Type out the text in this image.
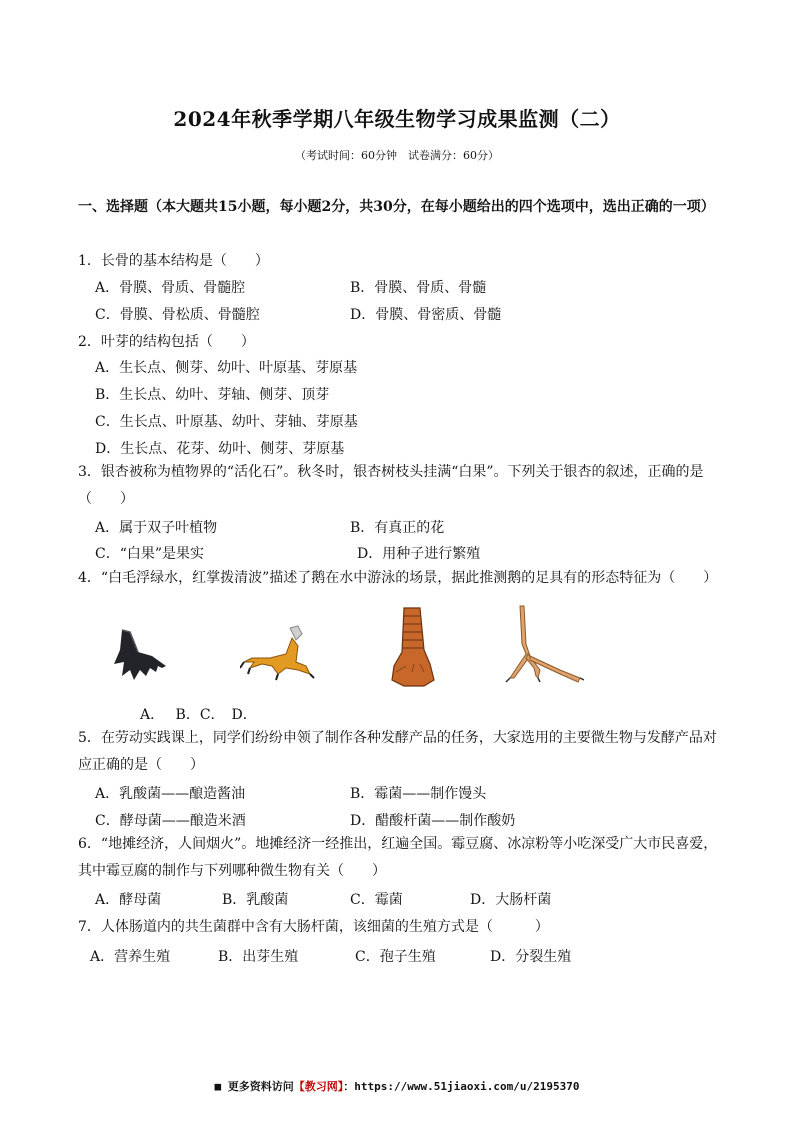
2024年秋季学期八年级生物学习成果监测（二）
（考试时间：60分钟　试卷满分：60分）
一、选择题（本大题共15小题，每小题2分，共30分，在每小题给出的四个选项中，选出正确的一项）
1．长骨的基本结构是（　　）
A．骨膜、骨质、骨髓腔	B．骨膜、骨质、骨髓
C．骨膜、骨松质、骨髓腔	D．骨膜、骨密质、骨髓
2．叶芽的结构包括（　　）
A．生长点、侧芽、幼叶、叶原基、芽原基
B．生长点、幼叶、芽轴、侧芽、顶芽
C．生长点、叶原基、幼叶、芽轴、芽原基
D．生长点、花芽、幼叶、侧芽、芽原基
3．银杏被称为植物界的“活化石”。秋冬时，银杏树枝头挂满“白果”。下列关于银杏的叙述，正确的是（　　）
A．属于双子叶植物	B．有真正的花
C．“白果”是果实	D．用种子进行繁殖
4．“白毛浮绿水，红掌拨清波”描述了鹅在水中游泳的场景，据此推测鹅的足具有的形态特征为（　　）
A．　 B．C．　D．
5．在劳动实践课上，同学们纷纷申领了制作各种发酵产品的任务，大家选用的主要微生物与发酵产品对应正确的是（　　）
A．乳酸菌——酿造酱油	B．霉菌——制作馒头
C．酵母菌——酿造米酒	D．醋酸杆菌——制作酸奶
6．“地摊经济，人间烟火”。地摊经济一经推出，红遍全国。霉豆腐、冰凉粉等小吃深受广大市民喜爱，其中霉豆腐的制作与下列哪种微生物有关（　　）
A．酵母菌	B．乳酸菌	C．霉菌	D．大肠杆菌
7．人体肠道内的共生菌群中含有大肠杆菌，该细菌的生殖方式是（　　　）
A．营养生殖	B．出芽生殖	C．孢子生殖	D．分裂生殖
■ 更多资料访问【教习网】：https://www.51jiaoxi.com/u/2195370
